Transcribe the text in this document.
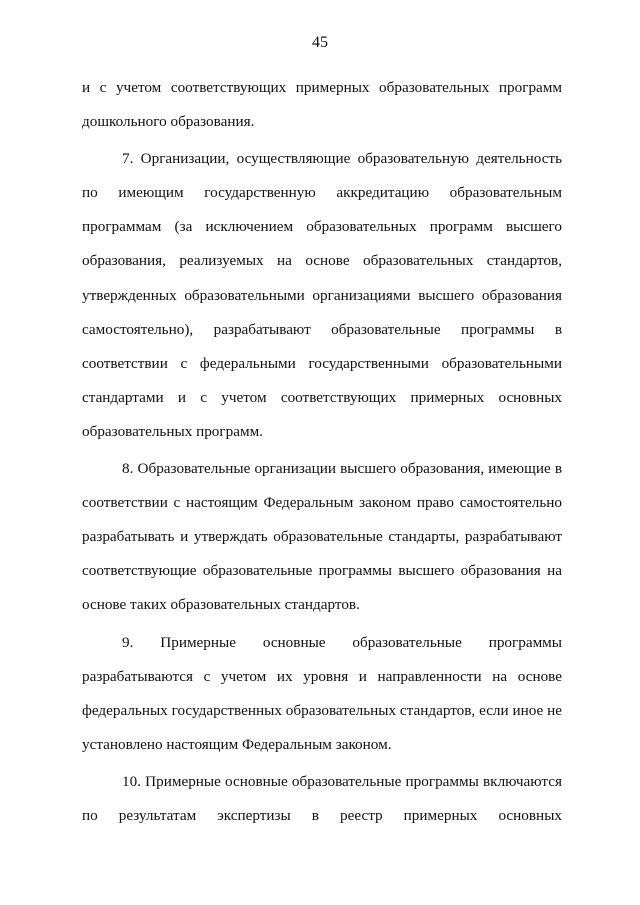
45

и с учетом соответствующих примерных образовательных программ дошкольного образования.

7. Организации, осуществляющие образовательную деятельность по имеющим государственную аккредитацию образовательным программам (за исключением образовательных программ высшего образования, реализуемых на основе образовательных стандартов, утвержденных образовательными организациями высшего образования самостоятельно), разрабатывают образовательные программы в соответствии с федеральными государственными образовательными стандартами и с учетом соответствующих примерных основных образовательных программ.

8. Образовательные организации высшего образования, имеющие в соответствии с настоящим Федеральным законом право самостоятельно разрабатывать и утверждать образовательные стандарты, разрабатывают соответствующие образовательные программы высшего образования на основе таких образовательных стандартов.

9. Примерные основные образовательные программы разрабатываются с учетом их уровня и направленности на основе федеральных государственных образовательных стандартов, если иное не установлено настоящим Федеральным законом.

10. Примерные основные образовательные программы включаются по результатам экспертизы в реестр примерных основных
